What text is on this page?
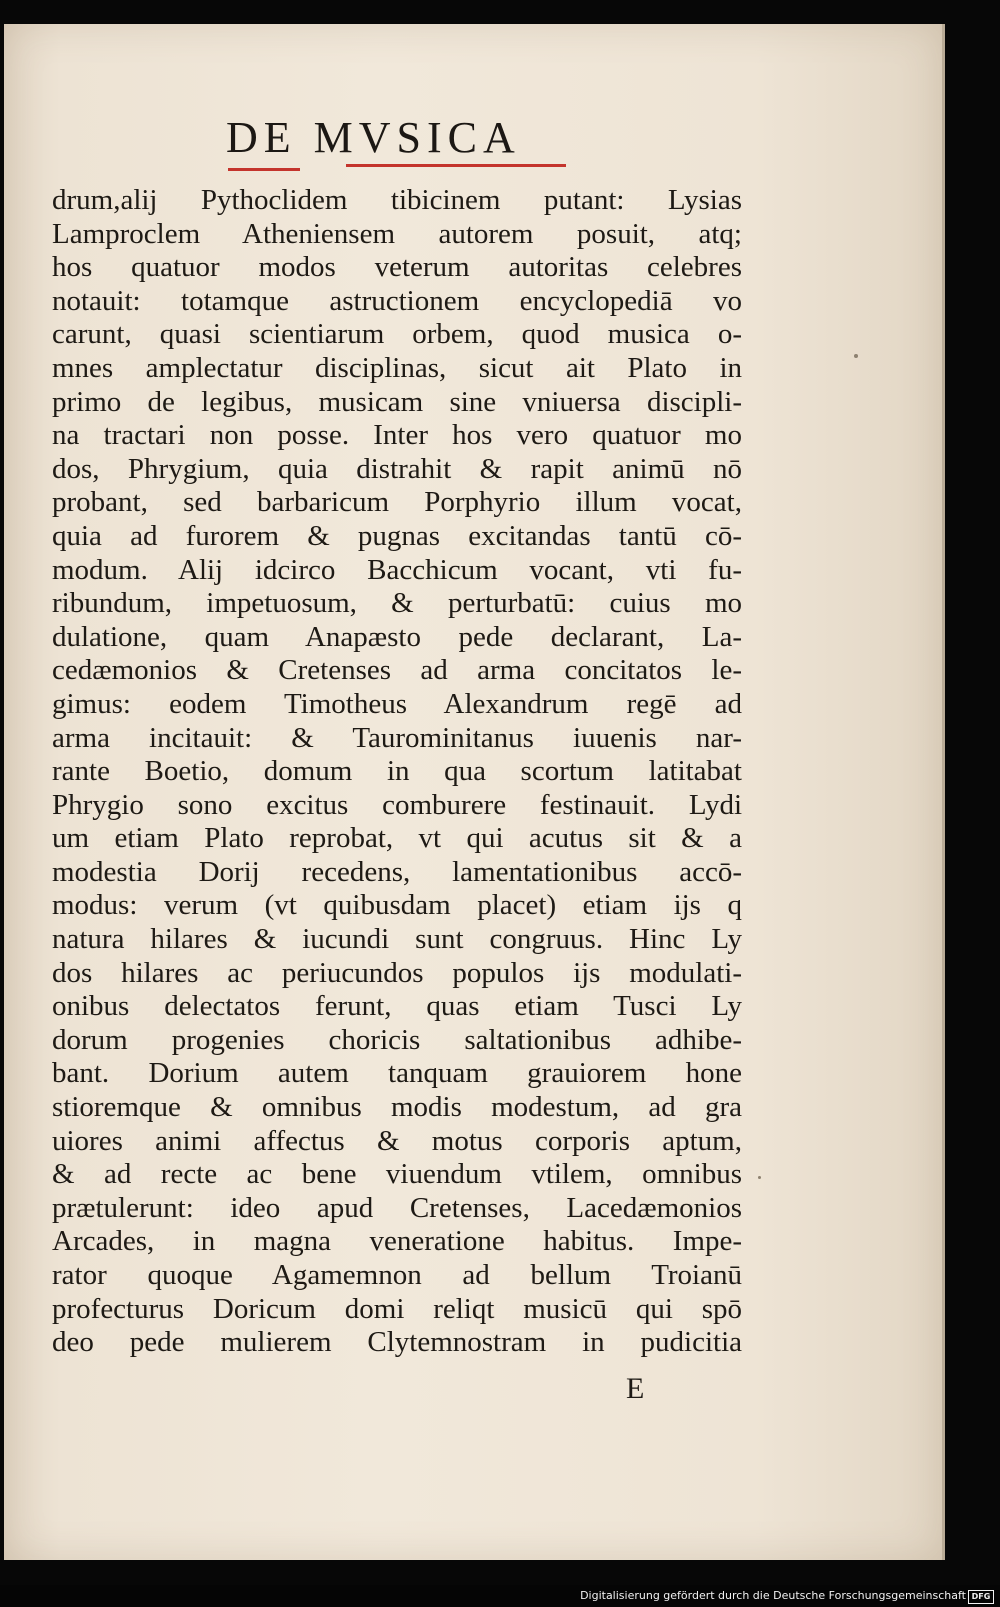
DE MVSICA
drum,alĳ Pythoclidem tibicinem putant: Lysias
Lamproclem Atheniensem autorem posuit, atq;
hos quatuor modos veterum autoritas celebres
notauit: totamque astructionem encyclopediā vo
carunt, quasi scientiarum orbem, quod musica o-
mnes amplectatur disciplinas, sicut ait Plato in
primo de legibus, musicam sine vniuersa discipli-
na tractari non posse. Inter hos vero quatuor mo
dos, Phrygium, quia distrahit & rapit animū nō
probant, sed barbaricum Porphyrio illum vocat,
quia ad furorem & pugnas excitandas tantū cō-
modum. Alĳ idcirco Bacchicum vocant, vti fu-
ribundum, impetuosum, & perturbatū: cuius mo
dulatione, quam Anapæsto pede declarant, La-
cedæmonios & Cretenses ad arma concitatos le-
gimus: eodem Timotheus Alexandrum regē ad
arma incitauit: & Taurominitanus iuuenis nar-
rante Boetio, domum in qua scortum latitabat
Phrygio sono excitus comburere festinauit. Lydi
um etiam Plato reprobat, vt qui acutus sit & a
modestia Dorĳ recedens, lamentationibus accō-
modus: verum (vt quibusdam placet) etiam ĳs q
natura hilares & iucundi sunt congruus. Hinc Ly
dos hilares ac periucundos populos ĳs modulati-
onibus delectatos ferunt, quas etiam Tusci Ly
dorum progenies choricis saltationibus adhibe-
bant. Dorium autem tanquam grauiorem hone
stioremque & omnibus modis modestum, ad gra
uiores animi affectus & motus corporis aptum,
& ad recte ac bene viuendum vtilem, omnibus
prætulerunt: ideo apud Cretenses, Lacedæmonios
Arcades, in magna veneratione habitus. Impe-
rator quoque Agamemnon ad bellum Troianū
profecturus Doricum domi reliqt musicū qui spō
deo pede mulierem Clytemnostram in pudicitia
E
Digitalisierung gefördert durch die Deutsche Forschungsgemeinschaft DFG
